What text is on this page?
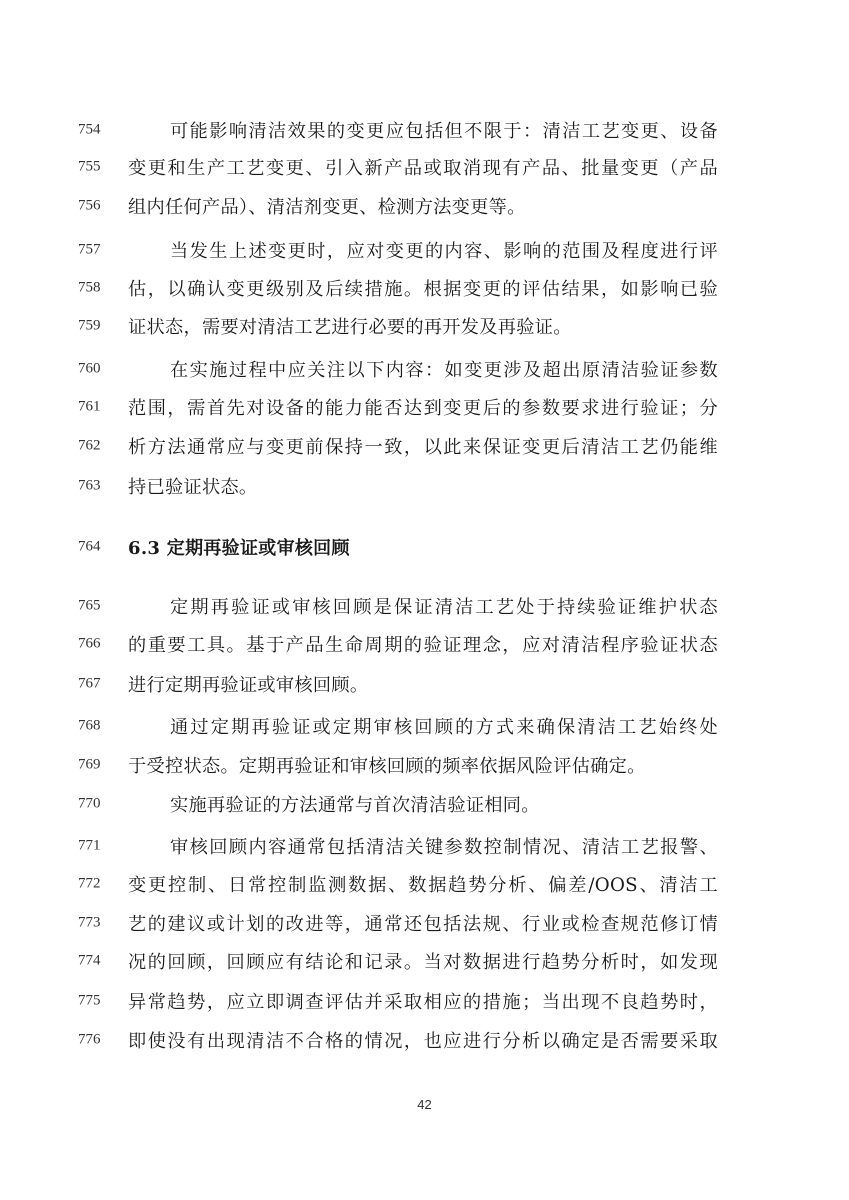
754	可能影响清洁效果的变更应包括但不限于：清洁工艺变更、设备
755 变更和生产工艺变更、引入新产品或取消现有产品、批量变更（产品
756 组内任何产品）、清洁剂变更、检测方法变更等。
757	当发生上述变更时，应对变更的内容、影响的范围及程度进行评
758 估，以确认变更级别及后续措施。根据变更的评估结果，如影响已验
759 证状态，需要对清洁工艺进行必要的再开发及再验证。
760	在实施过程中应关注以下内容：如变更涉及超出原清洁验证参数
761 范围，需首先对设备的能力能否达到变更后的参数要求进行验证；分
762 析方法通常应与变更前保持一致，以此来保证变更后清洁工艺仍能维
763 持已验证状态。
764 6.3 定期再验证或审核回顾
765	定期再验证或审核回顾是保证清洁工艺处于持续验证维护状态
766 的重要工具。基于产品生命周期的验证理念，应对清洁程序验证状态
767 进行定期再验证或审核回顾。
768	通过定期再验证或定期审核回顾的方式来确保清洁工艺始终处
769 于受控状态。定期再验证和审核回顾的频率依据风险评估确定。
770	实施再验证的方法通常与首次清洁验证相同。
771	审核回顾内容通常包括清洁关键参数控制情况、清洁工艺报警、
772 变更控制、日常控制监测数据、数据趋势分析、偏差/OOS、清洁工
773 艺的建议或计划的改进等，通常还包括法规、行业或检查规范修订情
774 况的回顾，回顾应有结论和记录。当对数据进行趋势分析时，如发现
775 异常趋势，应立即调查评估并采取相应的措施；当出现不良趋势时，
776 即使没有出现清洁不合格的情况，也应进行分析以确定是否需要采取
42
